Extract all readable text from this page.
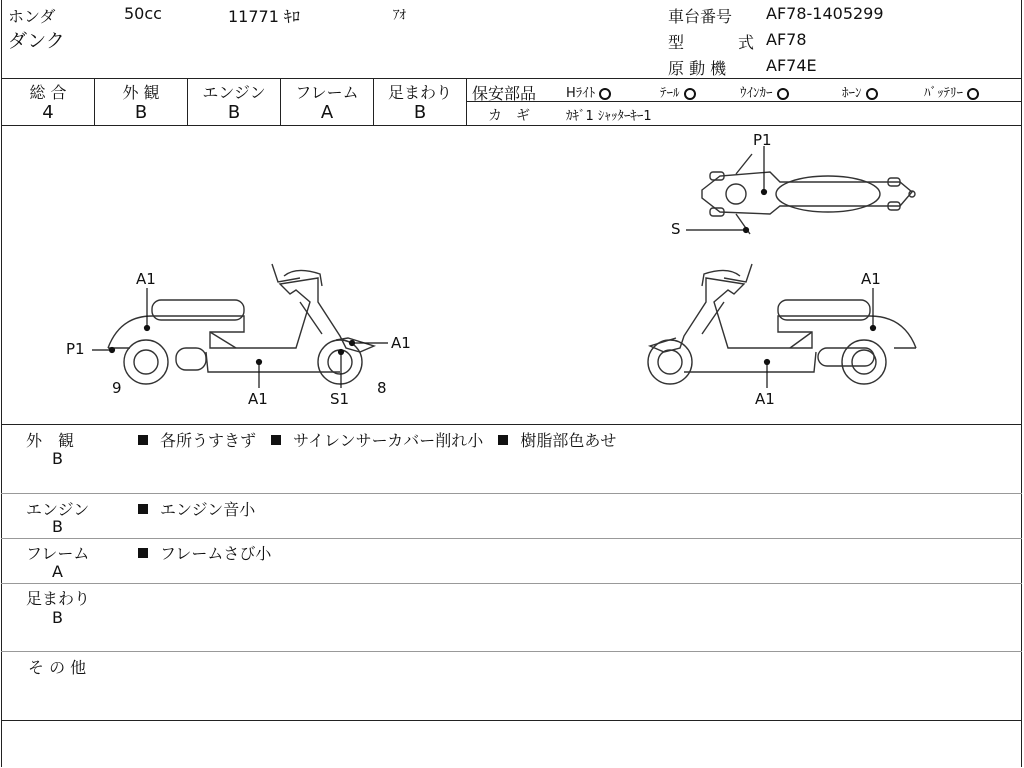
ホンダ	50cc	11771 ｷﾛ	ｱｵ
ダンク
車台番号 AF78-1405299
型	式 AF78
原 動 機 AF74E
総 合
4
外 観
B
エンジン
B
フレーム
A
足まわり
B
保安部品 Hﾗｲﾄ	ﾃｰﾙ	ｳｲﾝｶｰ	ﾎｰﾝ	ﾊﾞｯﾃﾘｰ
カ　ギ	ｶｷﾞ1 ｼｬｯﾀｰｷｰ1
A1
P1
9
A1	S1
8
A1
P1
S
A1
A1
外　観
B
各所うすきず サイレンサーカバー削れ小 樹脂部色あせ
エンジン
B
エンジン音小
フレーム
A
フレームさび小
足まわり
B
そ の 他
